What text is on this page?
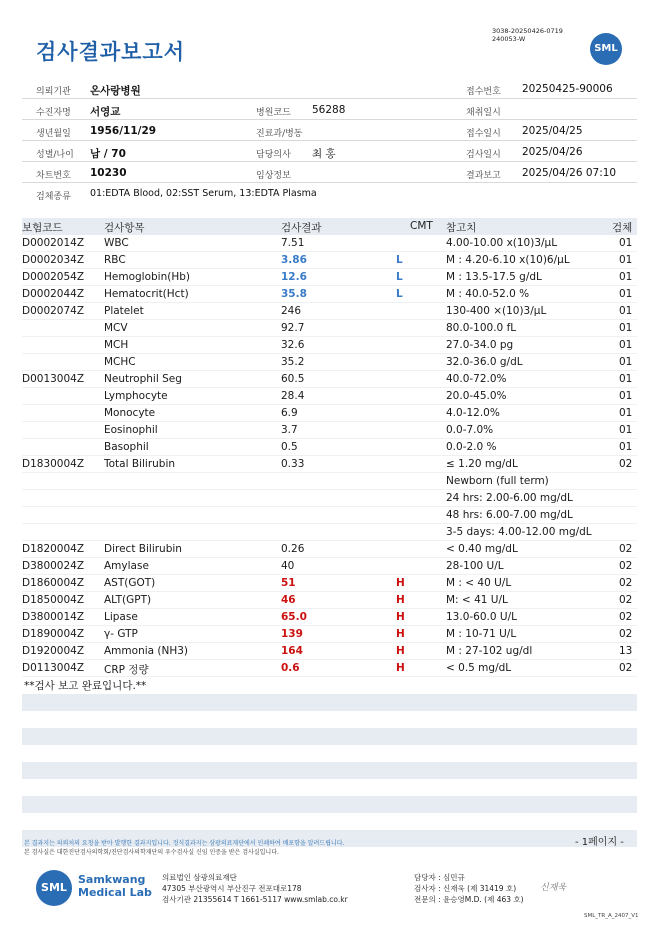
3038-20250426-0719
240053-W
검사결과보고서	SML
의뢰기관 온사랑병원	접수번호 20250425-90006
수진자명 서영교	병원코드 56288	채취일시
생년월일 1956/11/29	진료과/병동	접수일시 2025/04/25
성별/나이 남 / 70	담당의사 최 홍	검사일시 2025/04/26
차트번호 10230	임상정보	결과보고 2025/04/26 07:10
검체종류 01:EDTA Blood, 02:SST Serum, 13:EDTA Plasma
보험코드	검사항목	검사결과	CMT 참고치	검체
D0002014Z WBC	7.51	4.00-10.00 x(10)3/μL	01
D0002034Z RBC	3.86	L	M : 4.20-6.10 x(10)6/μL	01
D0002054Z Hemoglobin(Hb)	12.6	L	M : 13.5-17.5 g/dL	01
D0002044Z Hematocrit(Hct)	35.8	L	M : 40.0-52.0 %	01
D0002074Z Platelet	246	130-400 ×(10)3/μL	01
MCV	92.7	80.0-100.0 fL	01
MCH	32.6	27.0-34.0 pg	01
MCHC	35.2	32.0-36.0 g/dL	01
D0013004Z Neutrophil Seg	60.5	40.0-72.0%	01
Lymphocyte	28.4	20.0-45.0%	01
Monocyte	6.9	4.0-12.0%	01
Eosinophil	3.7	0.0-7.0%	01
Basophil	0.5	0.0-2.0 %	01
D1830004Z Total Bilirubin	0.33	≤ 1.20 mg/dL	02
Newborn (full term)
24 hrs: 2.00-6.00 mg/dL
48 hrs: 6.00-7.00 mg/dL
3-5 days: 4.00-12.00 mg/dL
D1820004Z Direct Bilirubin	0.26	< 0.40 mg/dL	02
D3800024Z Amylase	40	28-100 U/L	02
D1860004Z AST(GOT)	51	H	M : < 40 U/L	02
D1850004Z ALT(GPT)	46	H	M: < 41 U/L	02
D3800014Z Lipase	65.0	H	13.0-60.0 U/L	02
D1890004Z γ- GTP	139	H	M : 10-71 U/L	02
D1920004Z Ammonia (NH3)	164	H	M : 27-102 ug/dl	13
D0113004Z CRP 정량	0.6	H	< 0.5 mg/dL	02
**검사 보고 완료입니다.**
본 결과지는 의뢰처의 요청을 받아 발행한 결과지입니다. 정식결과지는 삼광의료재단에서 인쇄하여 배포함을 알려드립니다.
본 검사실은 대한진단검사의학회/진단검사의학재단의 우수검사실 신임 인증을 받은 검사실입니다.
- 1페이지 -
SML
Samkwang
Medical Lab
의료법인 삼광의료재단
47305 부산광역시 부산진구 전포대로178
검사기관 21355614 T 1661-5117 www.smlab.co.kr
담당자 : 심민규
검사자 : 신재욱 (제 31419 호)
전문의 : 윤승영M.D. (제 463 호)
신재욱
SML_TR_A_2407_V1
